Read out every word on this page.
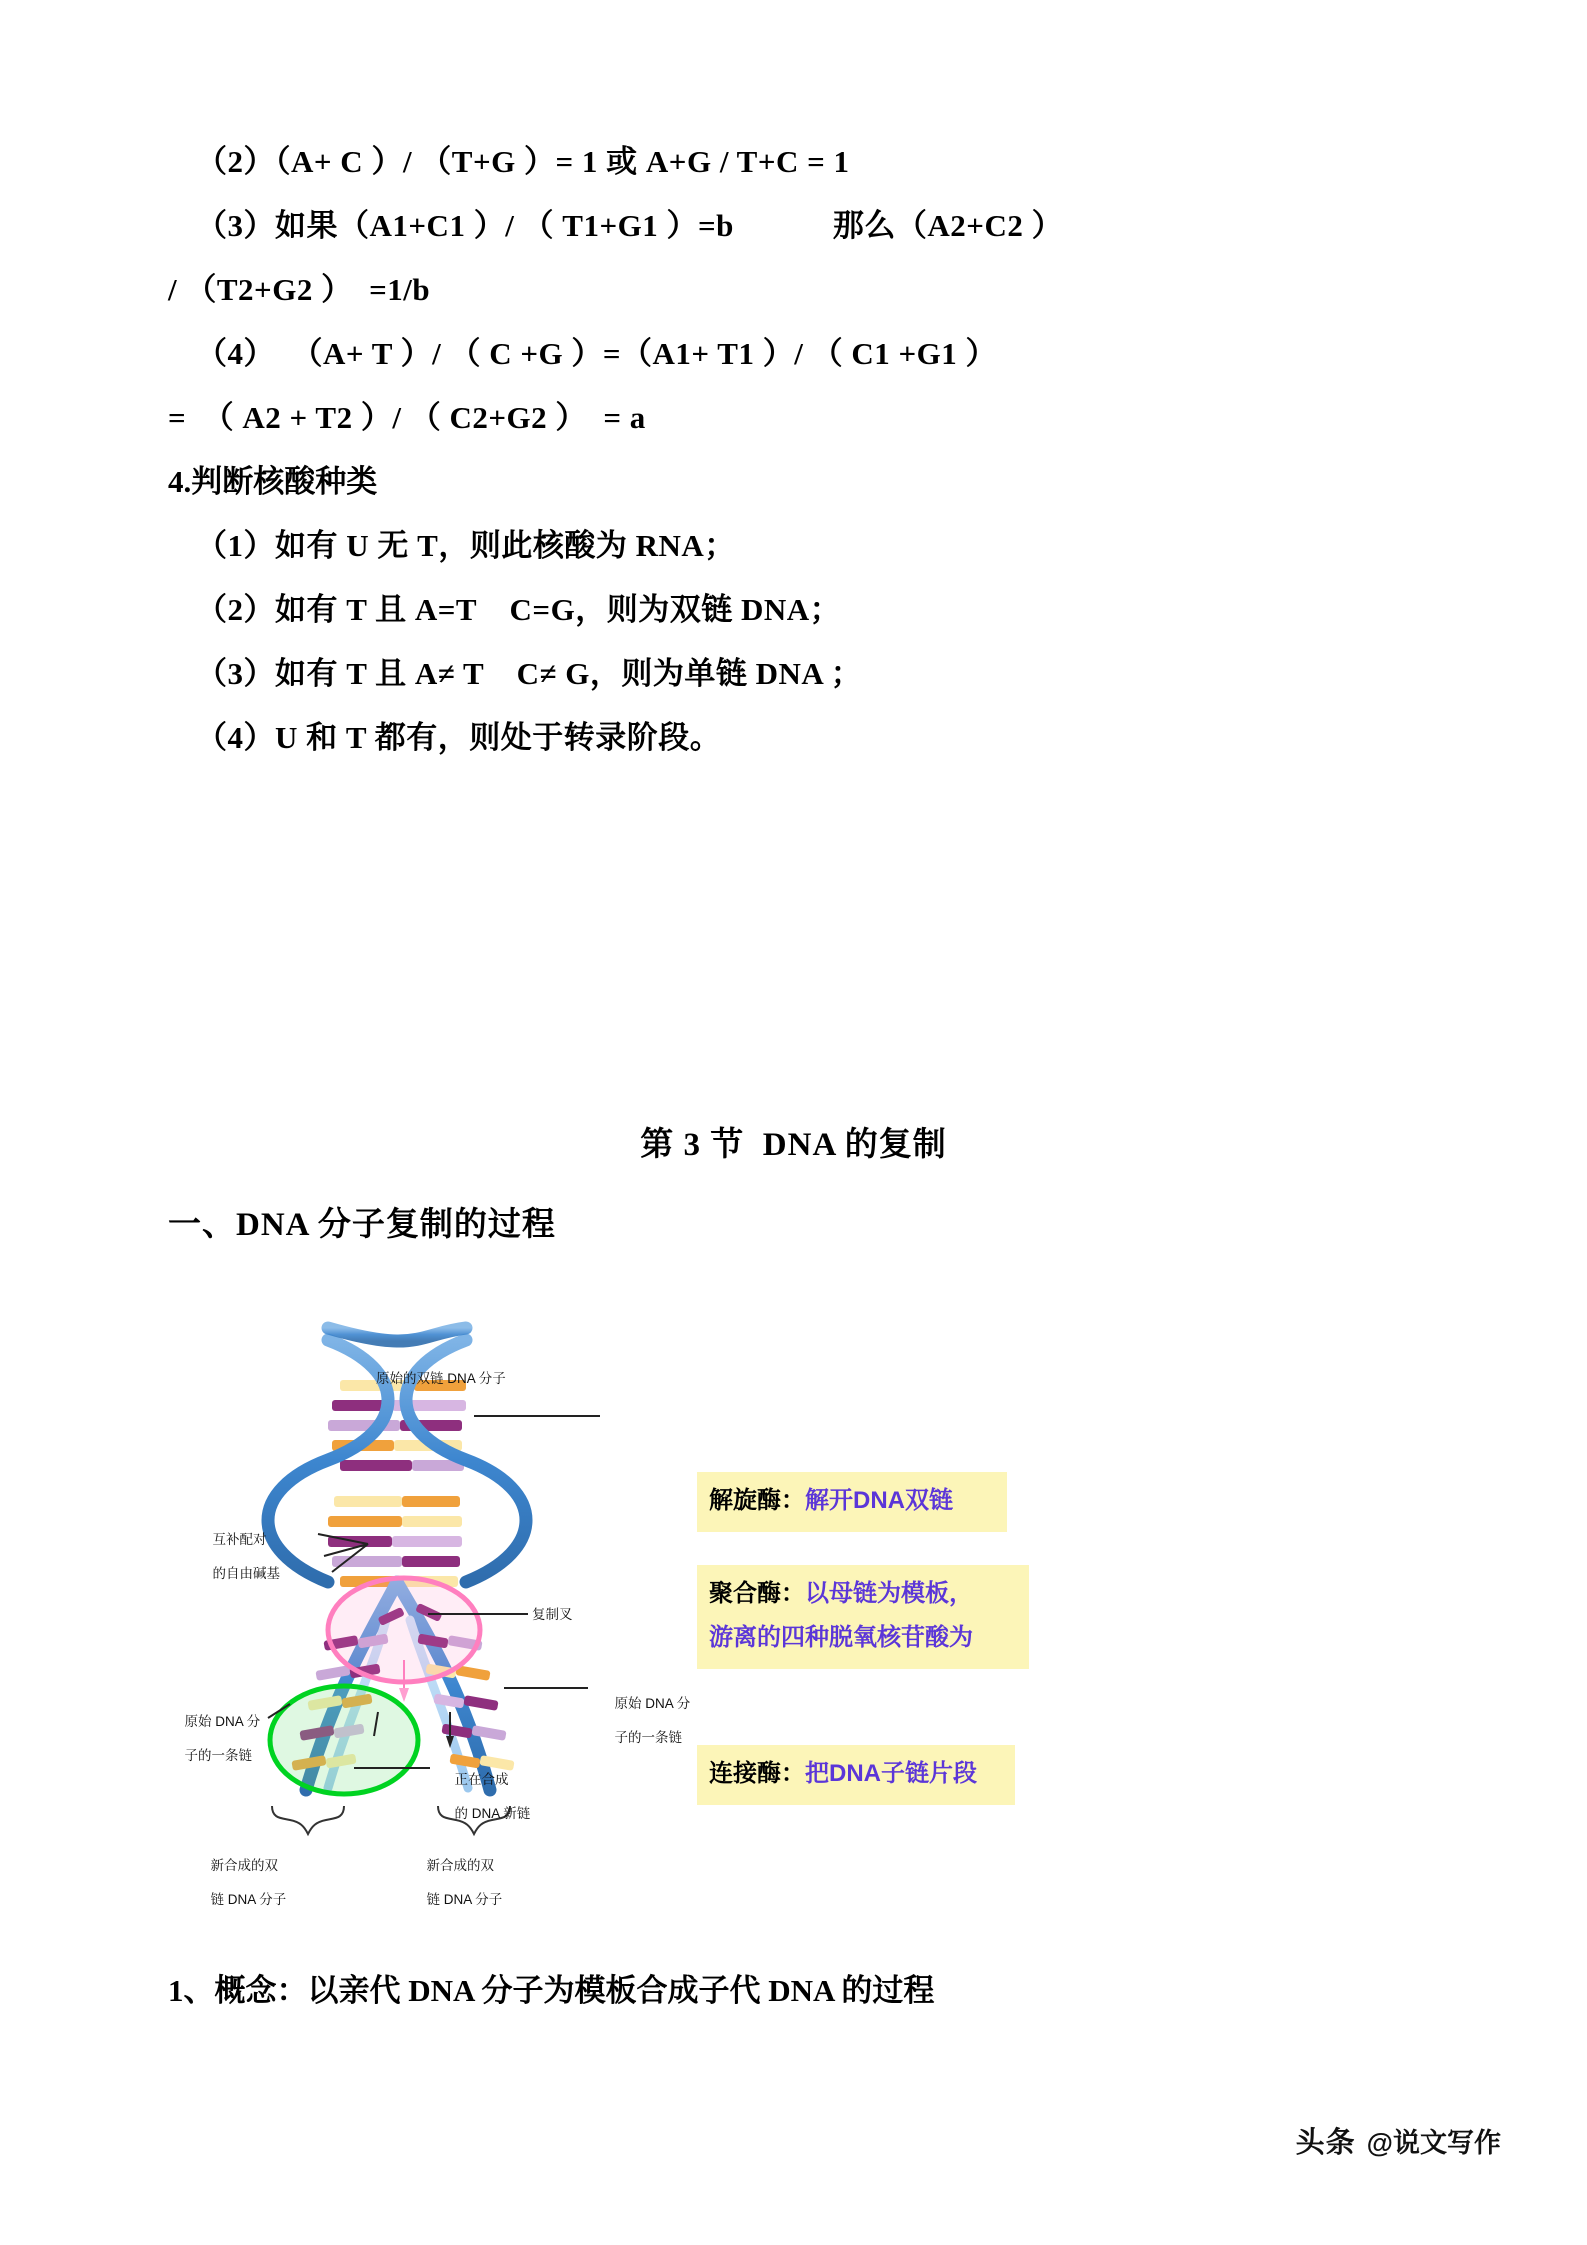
（2）（A+ C ）/ （T+G ）= 1 或 A+G / T+C = 1
（3）如果（A1+C1 ）/ （ T1+G1 ）=b            那么（A2+C2 ）
/ （T2+G2 ）  =1/b
（4）  （A+ T ）/ （ C +G ）=（A1+ T1 ）/ （ C1 +G1 ）
=  （ A2 + T2 ）/ （ C2+G2 ）  = a
4.判断核酸种类
（1）如有 U 无 T，则此核酸为 RNA；
（2）如有 T 且 A=T    C=G，则为双链 DNA；
（3）如有 T 且 A≠ T    C≠ G，则为单链 DNA ；
（4）U 和 T 都有，则处于转录阶段。
第 3 节  DNA 的复制
一、DNA 分子复制的过程
原始的双链 DNA 分子

互补配对

的自由碱基

复制叉

原始 DNA 分

子的一条链

原始 DNA 分

子的一条链

正在合成

的 DNA 新链

新合成的双

链 DNA 分子

新合成的双

链 DNA 分子

解旋酶：解开DNA双链
聚合酶：以母链为模板，
游离的四种脱氧核苷酸为
连接酶：把DNA子链片段
1、概念：以亲代 DNA 分子为模板合成子代 DNA 的过程
头条 @说文写作
